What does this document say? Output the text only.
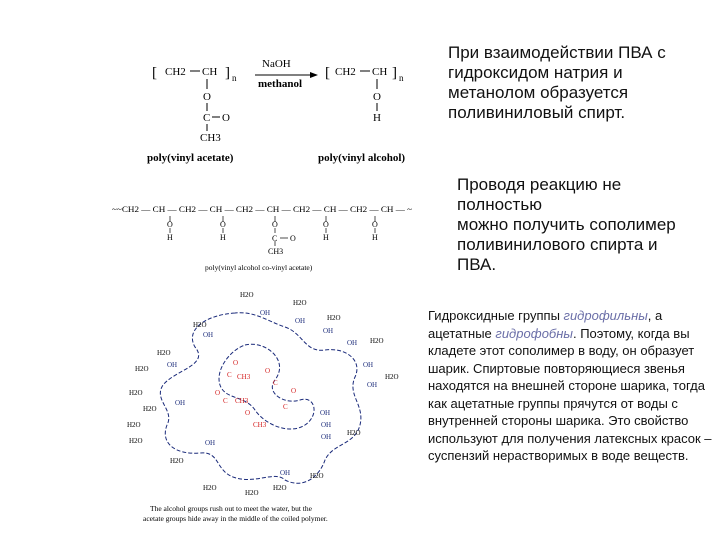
[ CH2 CH ] n
O
C O
CH3
NaOH
methanol
[ CH2 CH ] n
O
H
poly(vinyl acetate)	poly(vinyl alcohol)
~~CH2 — CH — CH2 — CH — CH2 — CH — CH2 — CH — CH2 — CH — ~
O
H
O
H
O
C O
CH3
O
H
O
H
poly(vinyl alcohol co-vinyl acetate)
O
C CH3
O
C
O
C CH3
O
CH3
C
O
OH
OH
OH
OH
OH
OH
OH
OH
OH
OH
OH
OH
OH
OH
H2O
H2O
H2O
H2O
H2O
H2O
H2O
H2O
H2O
H2O
H2O
H2O
H2O
H2O
H2O
H2O
H2O
H2O
The alcohol groups rush out to meet the water, but the
acetate groups hide away in the middle of the coiled polymer.
При взаимодействии ПВА с гидроксидом натрия и метанолом образуется поливиниловый спирт.
Проводя реакцию не
полностью
можно получить сополимер
поливинилового спирта и
ПВА.
Гидроксидные группы гидрофильны, а ацетатные гидрофобны. Поэтому, когда вы кладете этот сополимер в воду, он образует шарик. Спиртовые повторяющиеся звенья находятся на внешней стороне шарика, тогда как ацетатные группы прячутся от воды с внутренней стороны шарика. Это свойство используют для получения латексных красок – суспензий нерастворимых в воде веществ.
